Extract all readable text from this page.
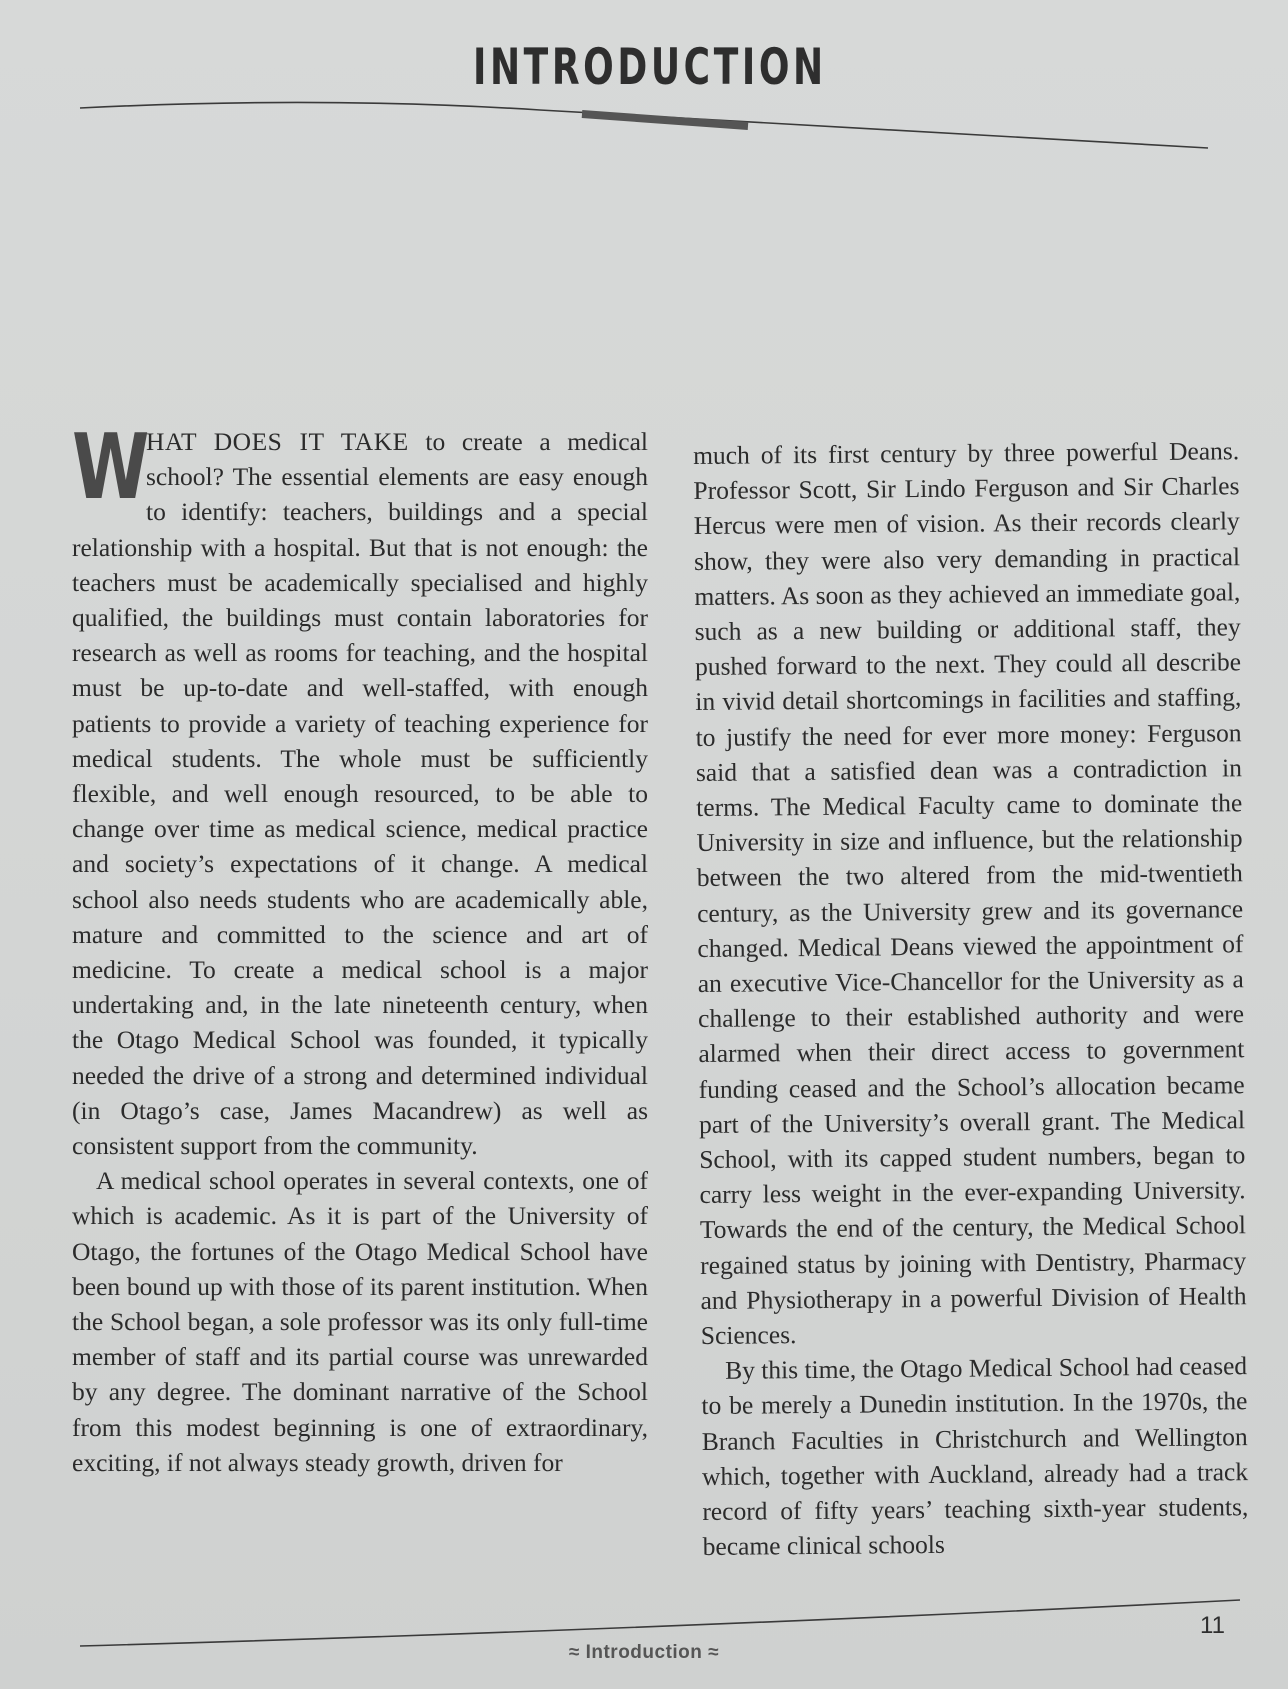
INTRODUCTION

W
HAT DOES IT TAKE to create a medical school? The essential elements are easy enough to identify: teachers, buildings and a special relationship with a hospital. But that is not enough: the teachers must be academically specialised and highly qualified, the buildings must contain laboratories for research as well as rooms for teaching, and the hospital must be up-to-date and well-staffed, with enough patients to provide a variety of teaching experience for medical students. The whole must be sufficiently flexible, and well enough resourced, to be able to change over time as medical science, medical practice and society’s expectations of it change. A medical school also needs students who are academically able, mature and committed to the science and art of medicine. To create a medical school is a major undertaking and, in the late nineteenth century, when the Otago Medical School was founded, it typically needed the drive of a strong and determined individual (in Otago’s case, James Macandrew) as well as consistent support from the community.

A medical school operates in several contexts, one of which is academic. As it is part of the University of Otago, the fortunes of the Otago Medical School have been bound up with those of its parent institution. When the School began, a sole professor was its only full-time member of staff and its partial course was unrewarded by any degree. The dominant narrative of the School from this modest beginning is one of extraordinary, exciting, if not always steady growth, driven for

much of its first century by three powerful Deans. Professor Scott, Sir Lindo Ferguson and Sir Charles Hercus were men of vision. As their records clearly show, they were also very demanding in practical matters. As soon as they achieved an immediate goal, such as a new building or additional staff, they pushed forward to the next. They could all describe in vivid detail shortcomings in facilities and staffing, to justify the need for ever more money: Ferguson said that a satisfied dean was a contradiction in terms. The Medical Faculty came to dominate the University in size and influence, but the relationship between the two altered from the mid-twentieth century, as the University grew and its governance changed. Medical Deans viewed the appointment of an executive Vice-Chancellor for the University as a challenge to their established authority and were alarmed when their direct access to government funding ceased and the School’s allocation became part of the University’s overall grant. The Medical School, with its capped student numbers, began to carry less weight in the ever-expanding University. Towards the end of the century, the Medical School regained status by joining with Dentistry, Pharmacy and Physiotherapy in a powerful Division of Health Sciences.

By this time, the Otago Medical School had ceased to be merely a Dunedin institution. In the 1970s, the Branch Faculties in Christchurch and Wellington which, together with Auckland, already had a track record of fifty years’ teaching sixth-year students, became clinical schools

11
≈ Introduction ≈
